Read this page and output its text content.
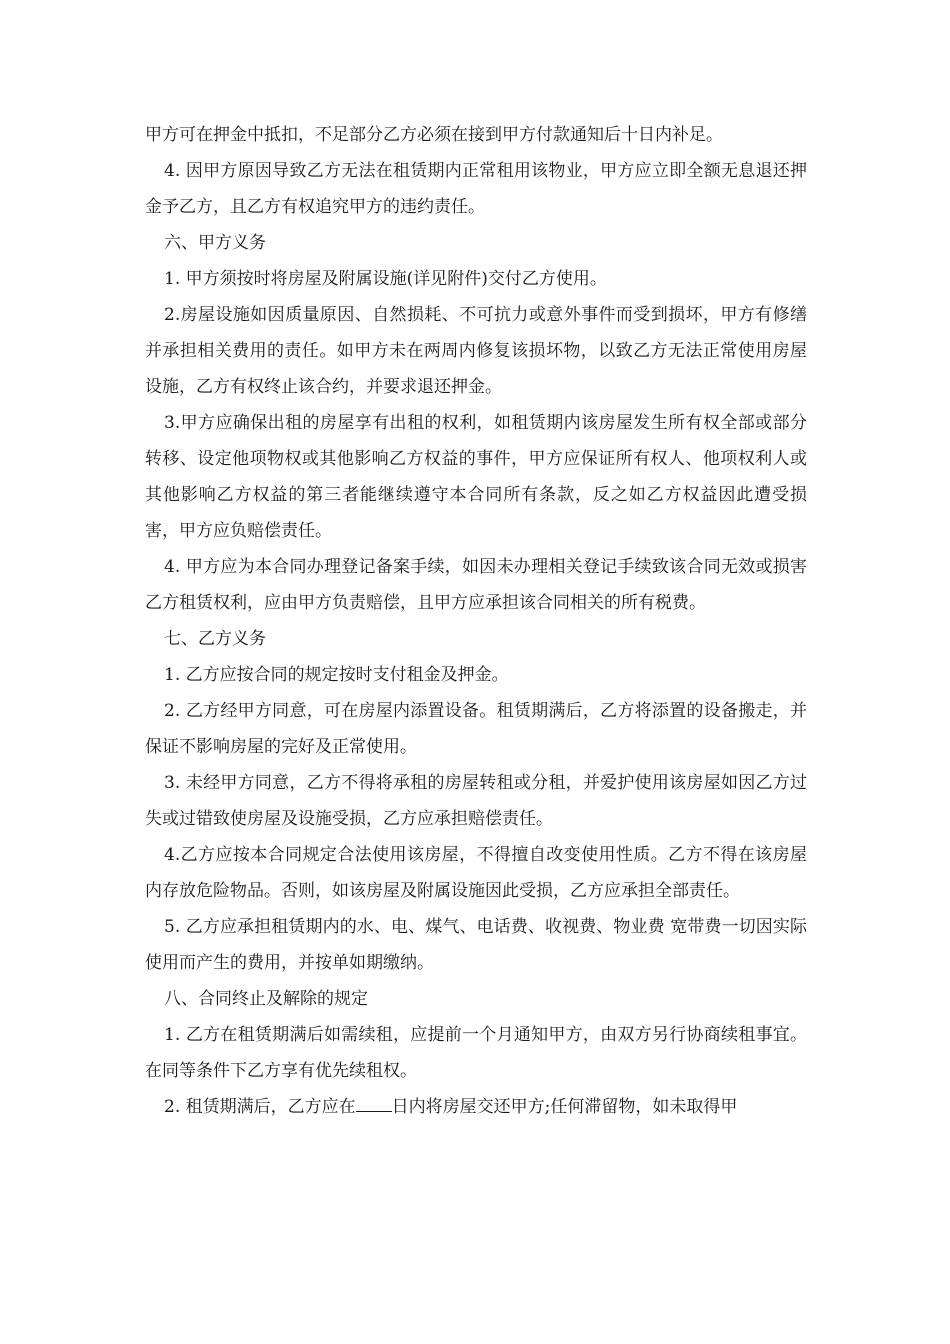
甲方可在押金中抵扣，不足部分乙方必须在接到甲方付款通知后十日内补足。

4. 因甲方原因导致乙方无法在租赁期内正常租用该物业，甲方应立即全额无息退还押金予乙方，且乙方有权追究甲方的违约责任。

六、甲方义务

1. 甲方须按时将房屋及附属设施(详见附件)交付乙方使用。

2.房屋设施如因质量原因、自然损耗、不可抗力或意外事件而受到损坏，甲方有修缮并承担相关费用的责任。如甲方未在两周内修复该损坏物，以致乙方无法正常使用房屋设施，乙方有权终止该合约，并要求退还押金。

3.甲方应确保出租的房屋享有出租的权利，如租赁期内该房屋发生所有权全部或部分转移、设定他项物权或其他影响乙方权益的事件，甲方应保证所有权人、他项权利人或其他影响乙方权益的第三者能继续遵守本合同所有条款，反之如乙方权益因此遭受损害，甲方应负赔偿责任。

4. 甲方应为本合同办理登记备案手续，如因未办理相关登记手续致该合同无效或损害乙方租赁权利，应由甲方负责赔偿，且甲方应承担该合同相关的所有税费。

七、乙方义务

1. 乙方应按合同的规定按时支付租金及押金。

2. 乙方经甲方同意，可在房屋内添置设备。租赁期满后，乙方将添置的设备搬走，并保证不影响房屋的完好及正常使用。

3. 未经甲方同意，乙方不得将承租的房屋转租或分租，并爱护使用该房屋如因乙方过失或过错致使房屋及设施受损，乙方应承担赔偿责任。

4.乙方应按本合同规定合法使用该房屋，不得擅自改变使用性质。乙方不得在该房屋内存放危险物品。否则，如该房屋及附属设施因此受损，乙方应承担全部责任。

5. 乙方应承担租赁期内的水、电、煤气、电话费、收视费、物业费 宽带费一切因实际使用而产生的费用，并按单如期缴纳。

八、合同终止及解除的规定

1. 乙方在租赁期满后如需续租，应提前一个月通知甲方，由双方另行协商续租事宜。在同等条件下乙方享有优先续租权。

2. 租赁期满后，乙方应在 日内将房屋交还甲方;任何滞留物，如未取得甲
